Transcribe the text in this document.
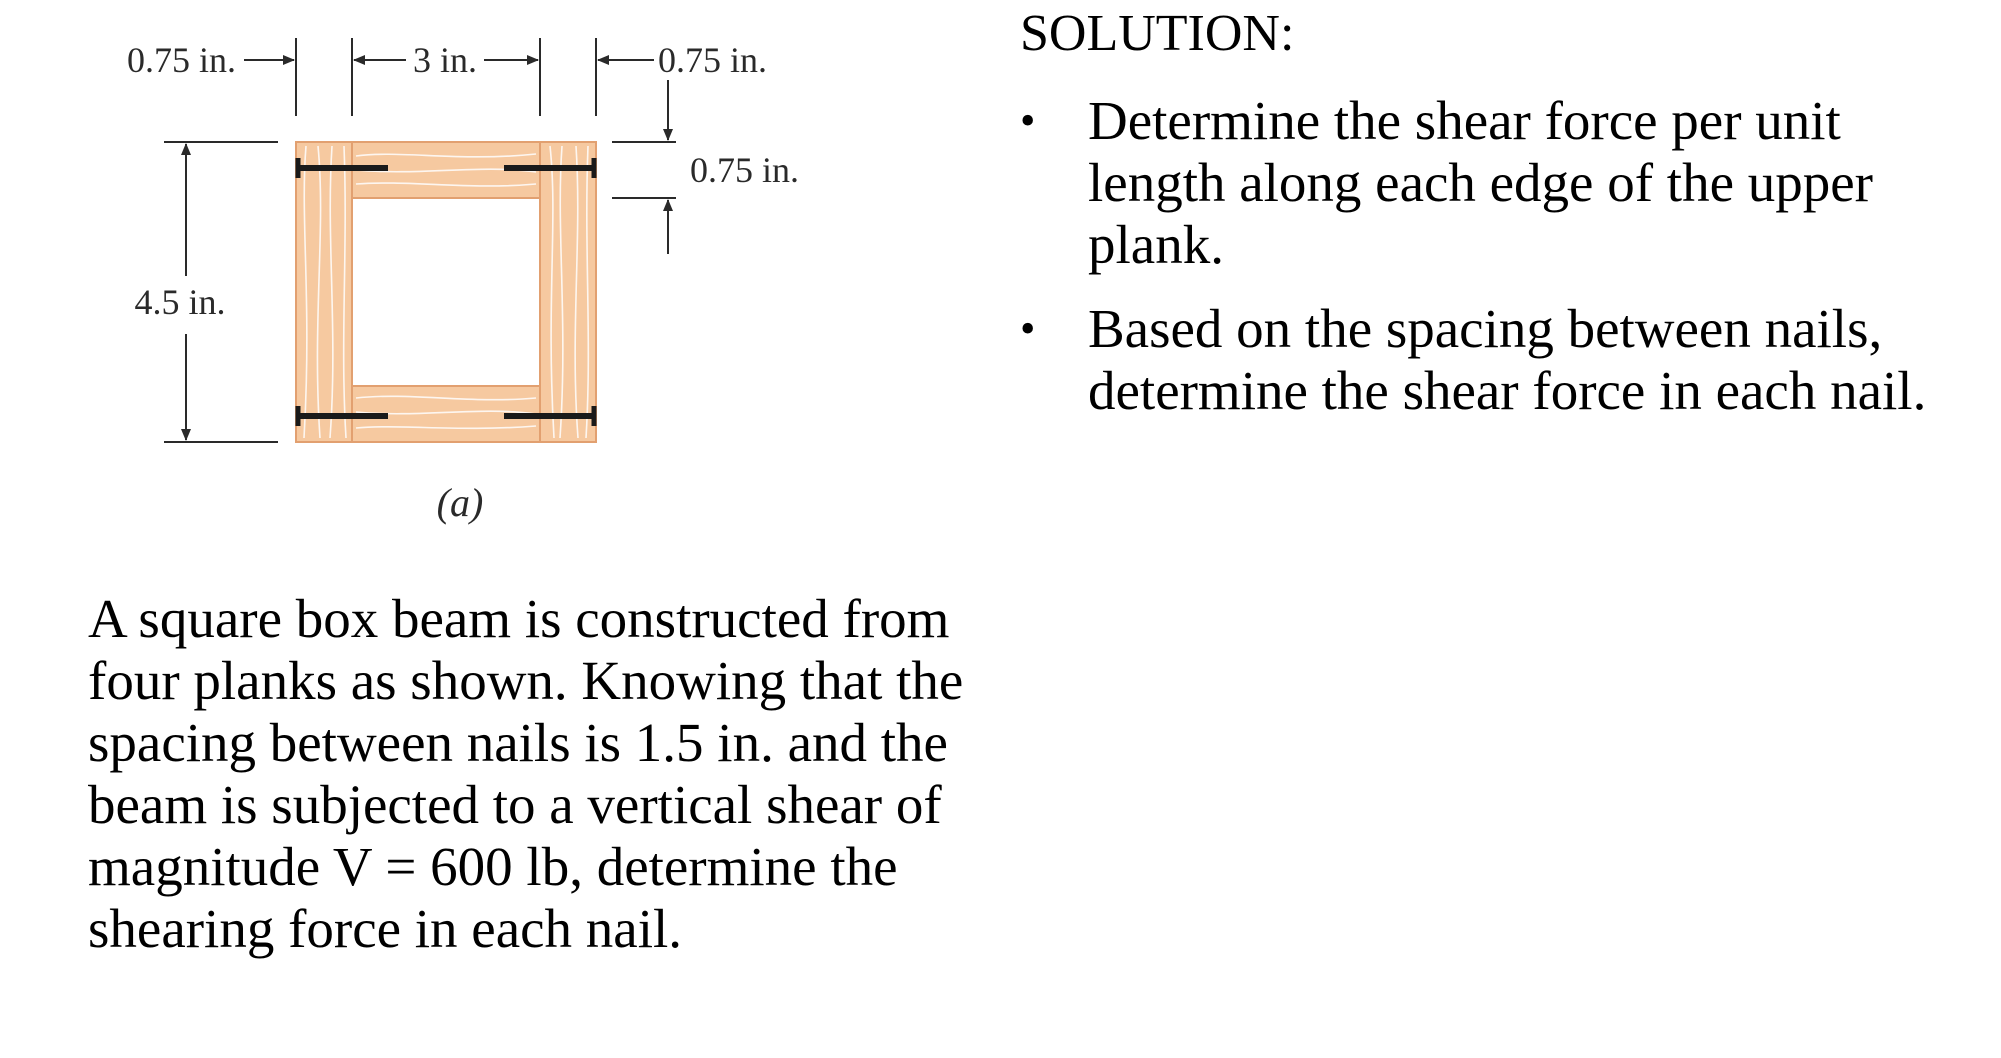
0.75 in.	3 in.	0.75 in.
0.75 in.
4.5 in.
(a)

A square box beam is constructed from four planks as shown. Knowing that the spacing between nails is 1.5 in. and the beam is subjected to a vertical shear of magnitude V = 600 lb, determine the shearing force in each nail.

SOLUTION:
• Determine the shear force per unit length along each edge of the upper plank.
• Based on the spacing between nails, determine the shear force in each nail.
